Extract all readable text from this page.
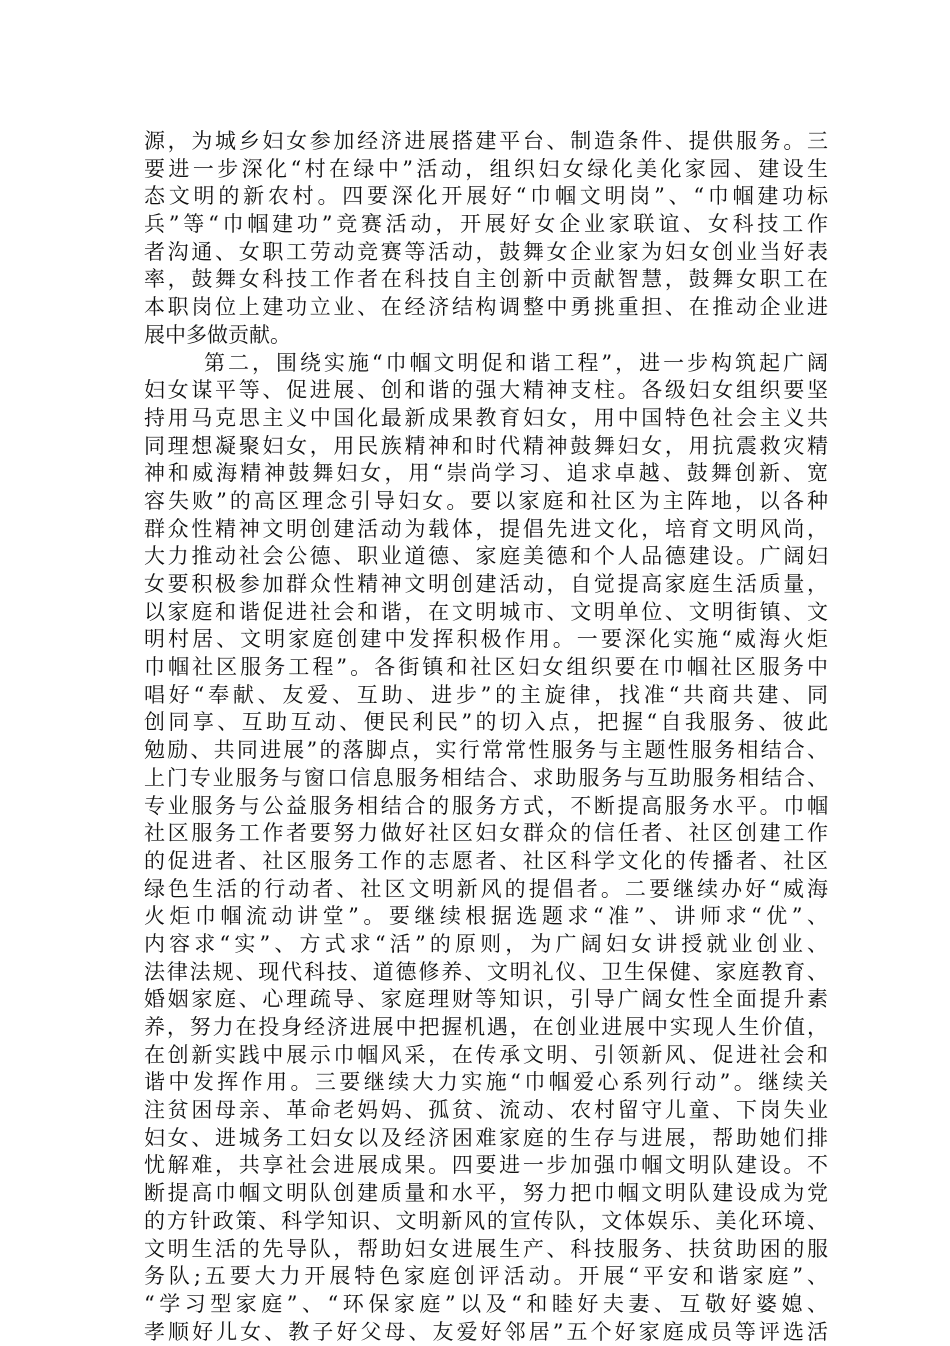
源，为城乡妇女参加经济进展搭建平台、制造条件、提供服务。三
要进一步深化“村在绿中”活动，组织妇女绿化美化家园、建设生
态文明的新农村。四要深化开展好“巾帼文明岗”、“巾帼建功标
兵”等“巾帼建功”竞赛活动，开展好女企业家联谊、女科技工作
者沟通、女职工劳动竞赛等活动，鼓舞女企业家为妇女创业当好表
率，鼓舞女科技工作者在科技自主创新中贡献智慧，鼓舞女职工在
本职岗位上建功立业、在经济结构调整中勇挑重担、在推动企业进
展中多做贡献。
第二，围绕实施“巾帼文明促和谐工程”，进一步构筑起广阔
妇女谋平等、促进展、创和谐的强大精神支柱。各级妇女组织要坚
持用马克思主义中国化最新成果教育妇女，用中国特色社会主义共
同理想凝聚妇女，用民族精神和时代精神鼓舞妇女，用抗震救灾精
神和威海精神鼓舞妇女，用“崇尚学习、追求卓越、鼓舞创新、宽
容失败”的高区理念引导妇女。要以家庭和社区为主阵地，以各种
群众性精神文明创建活动为载体，提倡先进文化，培育文明风尚，
大力推动社会公德、职业道德、家庭美德和个人品德建设。广阔妇
女要积极参加群众性精神文明创建活动，自觉提高家庭生活质量，
以家庭和谐促进社会和谐，在文明城市、文明单位、文明街镇、文
明村居、文明家庭创建中发挥积极作用。一要深化实施“威海火炬
巾帼社区服务工程”。各街镇和社区妇女组织要在巾帼社区服务中
唱好“奉献、友爱、互助、进步”的主旋律，找准“共商共建、同
创同享、互助互动、便民利民”的切入点，把握“自我服务、彼此
勉励、共同进展”的落脚点，实行常常性服务与主题性服务相结合、
上门专业服务与窗口信息服务相结合、求助服务与互助服务相结合、
专业服务与公益服务相结合的服务方式，不断提高服务水平。巾帼
社区服务工作者要努力做好社区妇女群众的信任者、社区创建工作
的促进者、社区服务工作的志愿者、社区科学文化的传播者、社区
绿色生活的行动者、社区文明新风的提倡者。二要继续办好“威海
火炬巾帼流动讲堂”。要继续根据选题求“准”、讲师求“优”、
内容求“实”、方式求“活”的原则，为广阔妇女讲授就业创业、
法律法规、现代科技、道德修养、文明礼仪、卫生保健、家庭教育、
婚姻家庭、心理疏导、家庭理财等知识，引导广阔女性全面提升素
养，努力在投身经济进展中把握机遇，在创业进展中实现人生价值，
在创新实践中展示巾帼风采，在传承文明、引领新风、促进社会和
谐中发挥作用。三要继续大力实施“巾帼爱心系列行动”。继续关
注贫困母亲、革命老妈妈、孤贫、流动、农村留守儿童、下岗失业
妇女、进城务工妇女以及经济困难家庭的生存与进展，帮助她们排
忧解难，共享社会进展成果。四要进一步加强巾帼文明队建设。不
断提高巾帼文明队创建质量和水平，努力把巾帼文明队建设成为党
的方针政策、科学知识、文明新风的宣传队，文体娱乐、美化环境、
文明生活的先导队，帮助妇女进展生产、科技服务、扶贫助困的服
务队;五要大力开展特色家庭创评活动。开展“平安和谐家庭”、
“学习型家庭”、“环保家庭”以及“和睦好夫妻、互敬好婆媳、
孝顺好儿女、教子好父母、友爱好邻居”五个好家庭成员等评选活
